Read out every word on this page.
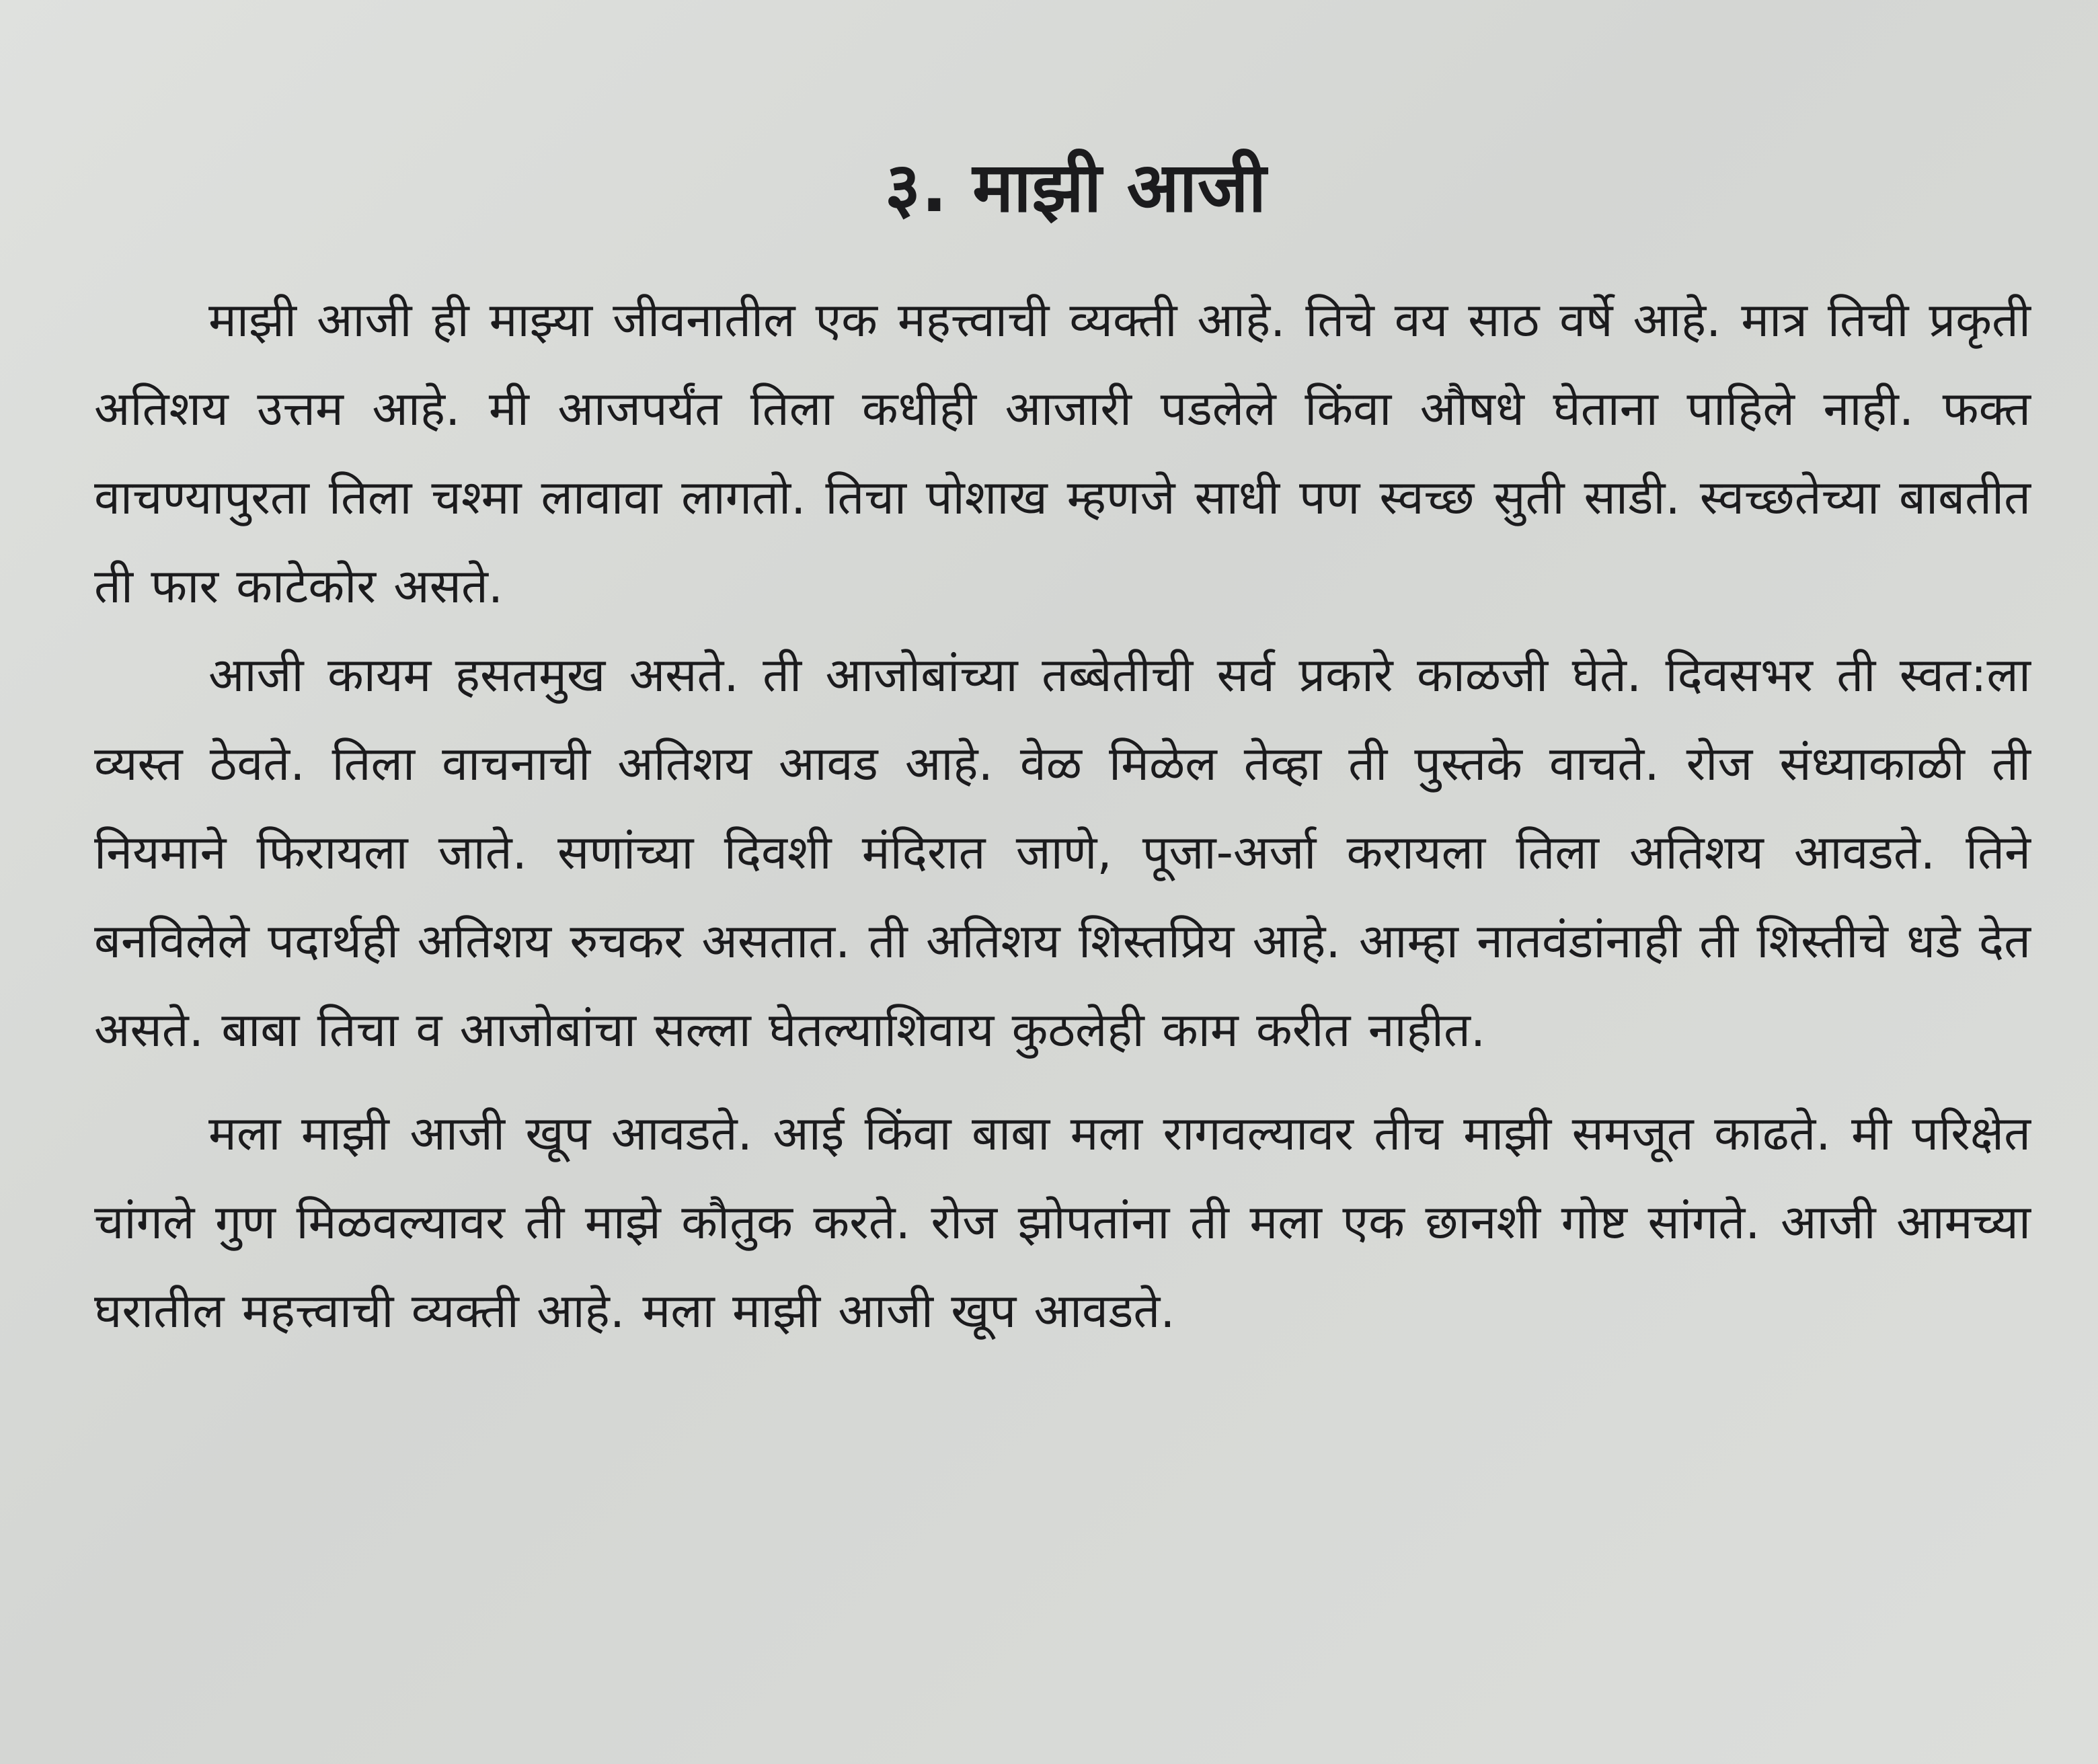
३. माझी आजी

माझी आजी ही माझ्या जीवनातील एक महत्त्वाची व्यक्ती आहे. तिचे वय साठ वर्षे आहे. मात्र तिची प्रकृती अतिशय उत्तम आहे. मी आजपर्यंत तिला कधीही आजारी पडलेले किंवा औषधे घेताना पाहिले नाही. फक्त वाचण्यापुरता तिला चश्मा लावावा लागतो. तिचा पोशाख म्हणजे साधी पण स्वच्छ सुती साडी. स्वच्छतेच्या बाबतीत ती फार काटेकोर असते.

आजी कायम हसतमुख असते. ती आजोबांच्या तब्बेतीची सर्व प्रकारे काळजी घेते. दिवसभर ती स्वत:ला व्यस्त ठेवते. तिला वाचनाची अतिशय आवड आहे. वेळ मिळेल तेव्हा ती पुस्तके वाचते. रोज संध्याकाळी ती नियमाने फिरायला जाते. सणांच्या दिवशी मंदिरात जाणे, पूजा-अर्जा करायला तिला अतिशय आवडते. तिने बनविलेले पदार्थही अतिशय रुचकर असतात. ती अतिशय शिस्तप्रिय आहे. आम्हा नातवंडांनाही ती शिस्तीचे धडे देत असते. बाबा तिचा व आजोबांचा सल्ला घेतल्याशिवाय कुठलेही काम करीत नाहीत.

मला माझी आजी खूप आवडते. आई किंवा बाबा मला रागवल्यावर तीच माझी समजूत काढते. मी परिक्षेत चांगले गुण मिळवल्यावर ती माझे कौतुक करते. रोज झोपतांना ती मला एक छानशी गोष्ट सांगते. आजी आमच्या घरातील महत्त्वाची व्यक्ती आहे. मला माझी आजी खूप आवडते.
